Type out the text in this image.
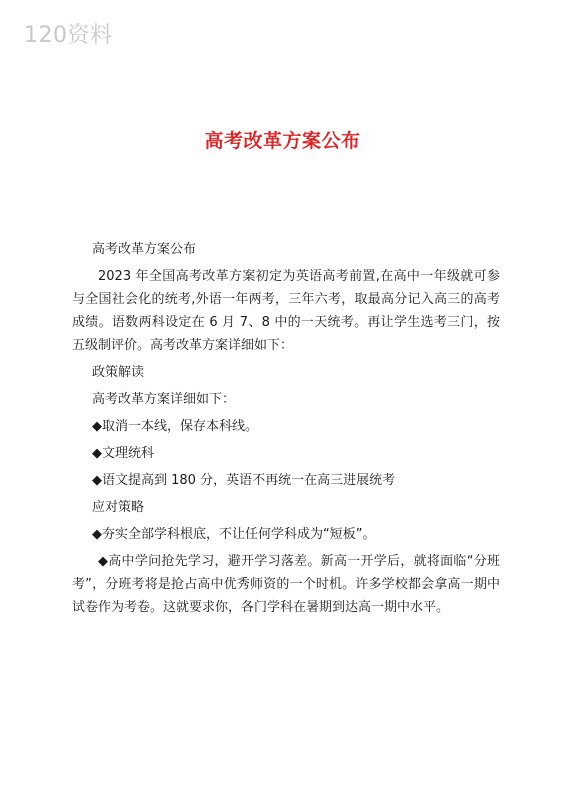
120资料
高考改革方案公布

高考改革方案公布

2023 年全国高考改革方案初定为英语高考前置,在高中一年级就可参与全国社会化的统考,外语一年两考，三年六考，取最高分记入高三的高考成绩。语数两科设定在 6 月 7、8 中的一天统考。再让学生选考三门，按五级制评价。高考改革方案详细如下：

政策解读

高考改革方案详细如下：

◆取消一本线，保存本科线。

◆文理统科

◆语文提高到 180 分，英语不再统一在高三进展统考

应对策略

◆夯实全部学科根底，不让任何学科成为“短板”。

◆高中学问抢先学习，避开学习落差。新高一开学后，就将面临“分班考”，分班考将是抢占高中优秀师资的一个时机。许多学校都会拿高一期中试卷作为考卷。这就要求你，各门学科在暑期到达高一期中水平。
